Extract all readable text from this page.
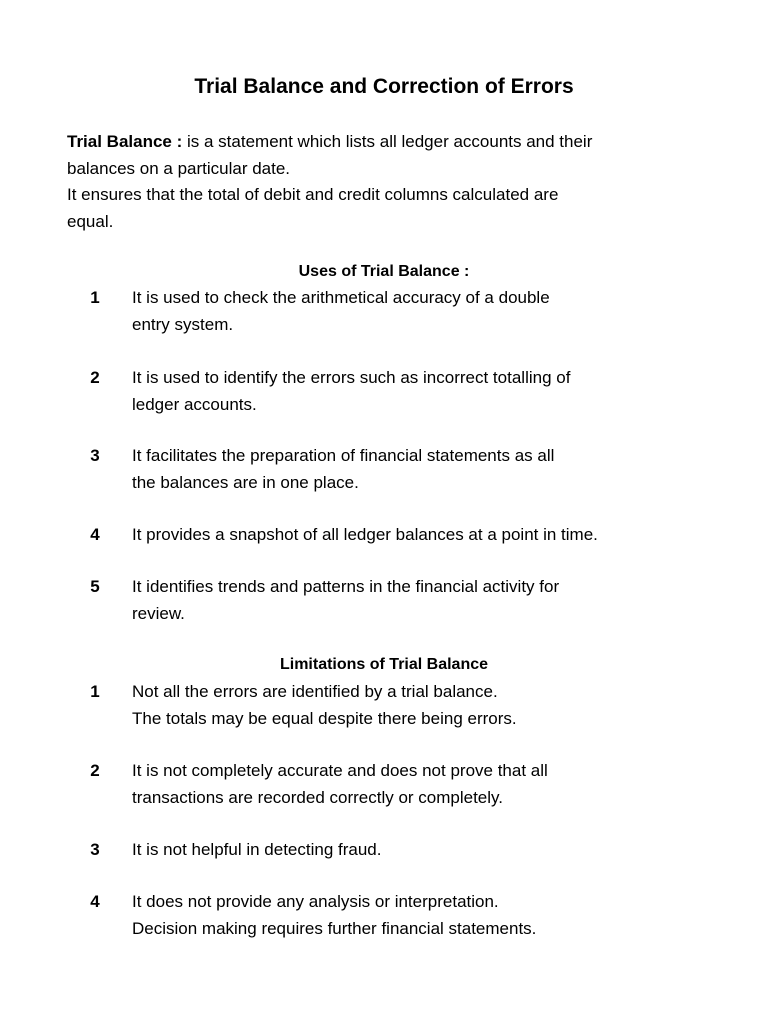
Trial Balance and Correction of Errors
Trial Balance : is a statement which lists all ledger accounts and their
balances on a particular date.
It ensures that the total of debit and credit columns calculated are
equal.
Uses of Trial Balance :
1	It is used to check the arithmetical accuracy of a double
entry system.
2	It is used to identify the errors such as incorrect totalling of
ledger accounts.
3	It facilitates the preparation of financial statements as all
the balances are in one place.
4	It provides a snapshot of all ledger balances at a point in time.
5	It identifies trends and patterns in the financial activity for
review.
Limitations of Trial Balance
1	Not all the errors are identified by a trial balance.
The totals may be equal despite there being errors.
2	It is not completely accurate and does not prove that all
transactions are recorded correctly or completely.
3	It is not helpful in detecting fraud.
4	It does not provide any analysis or interpretation.
Decision making requires further financial statements.
